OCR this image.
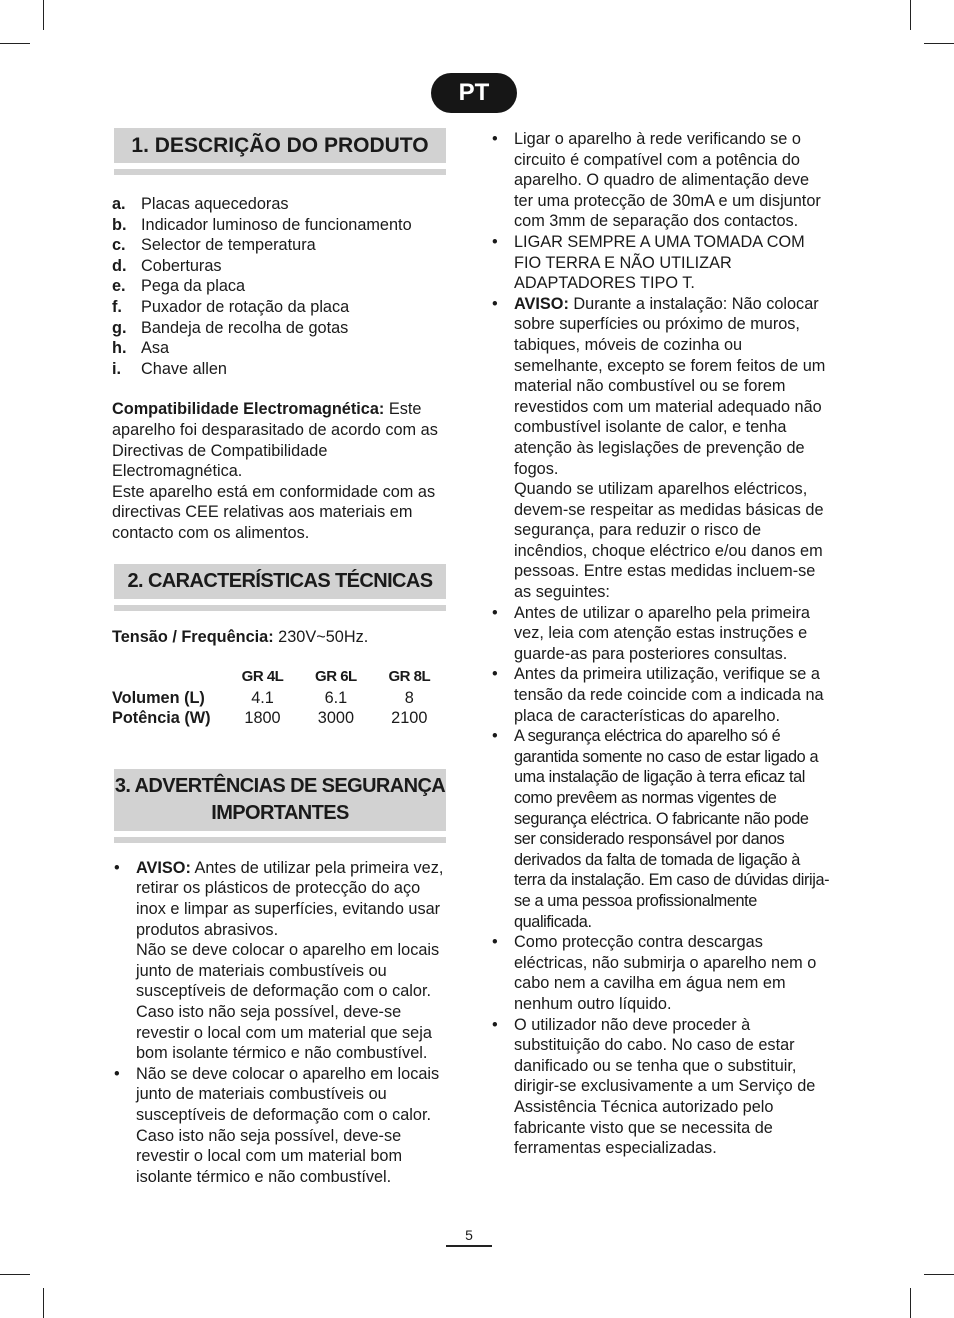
PT
1. DESCRIÇÃO DO PRODUTO
a. Placas aquecedoras
b. Indicador luminoso de funcionamento
c. Selector de temperatura
d. Coberturas
e. Pega da placa
f.	Puxador de rotação da placa
g. Bandeja de recolha de gotas
h. Asa
i.	Chave allen
Compatibilidade Electromagnética: Este aparelho foi desparasitado de acordo com as Directivas de Compatibilidade Electromagnética.
Este aparelho está em conformidade com as directivas CEE relativas aos materiais em contacto com os alimentos.
2. CARACTERÍSTICAS TÉCNICAS
Tensão / Frequência: 230V~50Hz.
	GR 4L	GR 6L	GR 8L
Volumen (L)	4.1	6.1	8
Potência (W)	1800	3000	2100
3. ADVERTÊNCIAS DE SEGURANÇA
IMPORTANTES
• AVISO: Antes de utilizar pela primeira vez, retirar os plásticos de protecção do aço inox e limpar as superfícies, evitando usar produtos abrasivos.
Não se deve colocar o aparelho em locais junto de materiais combustíveis ou susceptíveis de deformação com o calor. Caso isto não seja possível, deve-se revestir o local com um material que seja bom isolante térmico e não combustível.
• Não se deve colocar o aparelho em locais junto de materiais combustíveis ou susceptíveis de deformação com o calor. Caso isto não seja possível, deve-se revestir o local com um material bom isolante térmico e não combustível.
• Ligar o aparelho à rede verificando se o circuito é compatível com a potência do aparelho. O quadro de alimentação deve ter uma protecção de 30mA e um disjuntor com 3mm de separação dos contactos.
• LIGAR SEMPRE A UMA TOMADA COM FIO TERRA E NÃO UTILIZAR ADAPTADORES TIPO T.
• AVISO: Durante a instalação: Não colocar sobre superfícies ou próximo de muros, tabiques, móveis de cozinha ou semelhante, excepto se forem feitos de um material não combustível ou se forem revestidos com um material adequado não combustível isolante de calor, e tenha atenção às legislações de prevenção de fogos.
Quando se utilizam aparelhos eléctricos, devem-se respeitar as medidas básicas de segurança, para reduzir o risco de incêndios, choque eléctrico e/ou danos em pessoas. Entre estas medidas incluem-se as seguintes:
• Antes de utilizar o aparelho pela primeira vez, leia com atenção estas instruções e guarde-as para posteriores consultas.
• Antes da primeira utilização, verifique se a tensão da rede coincide com a indicada na placa de características do aparelho.
• A segurança eléctrica do aparelho só é garantida somente no caso de estar ligado a uma instalação de ligação à terra eficaz tal como prevêem as normas vigentes de segurança eléctrica. O fabricante não pode ser considerado responsável por danos derivados da falta de tomada de ligação à terra da instalação. Em caso de dúvidas dirija-se a uma pessoa profissionalmente qualificada.
• Como protecção contra descargas eléctricas, não submirja o aparelho nem o cabo nem a cavilha em água nem em nenhum outro líquido.
• O utilizador não deve proceder à substituição do cabo. No caso de estar danificado ou se tenha que o substituir, dirigir-se exclusivamente a um Serviço de Assistência Técnica autorizado pelo fabricante visto que se necessita de ferramentas especializadas.
5
